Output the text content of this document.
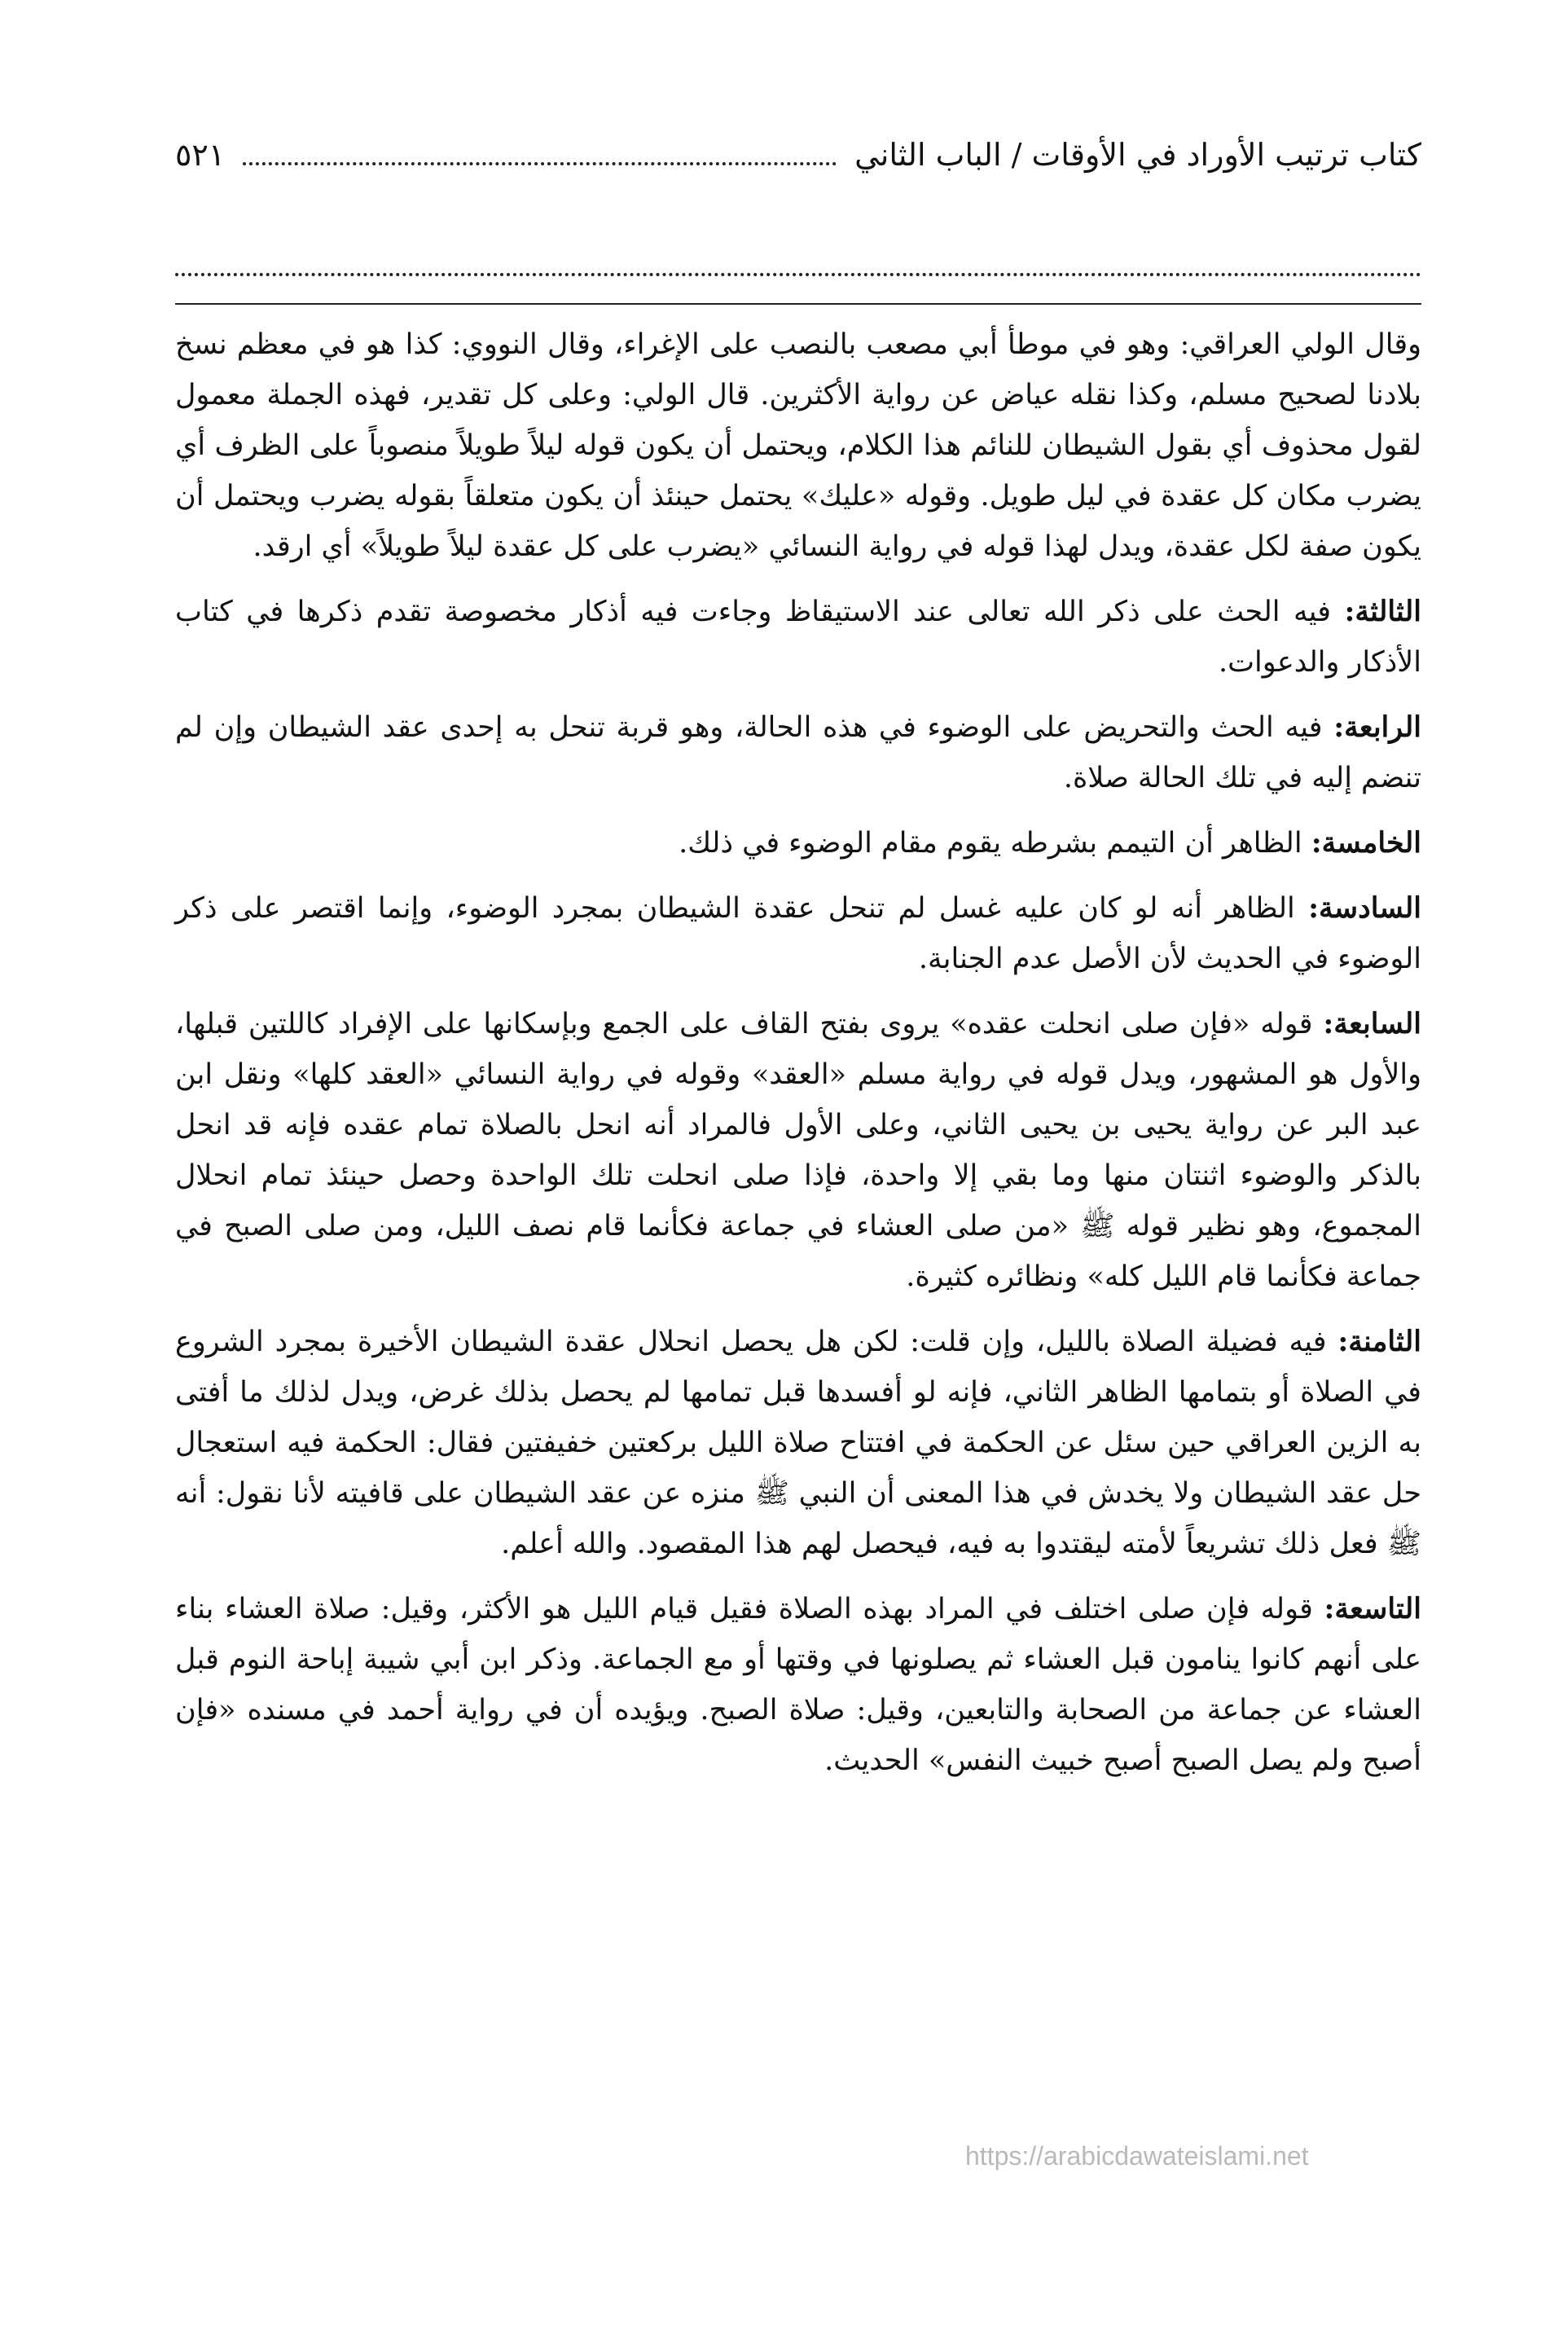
كتاب ترتيب الأوراد في الأوقات / الباب الثاني
٥٢١

وقال الولي العراقي: وهو في موطأ أبي مصعب بالنصب على الإغراء، وقال النووي: كذا هو في معظم نسخ بلادنا لصحيح مسلم، وكذا نقله عياض عن رواية الأكثرين. قال الولي: وعلى كل تقدير، فهذه الجملة معمول لقول محذوف أي بقول الشيطان للنائم هذا الكلام، ويحتمل أن يكون قوله ليلاً طويلاً منصوباً على الظرف أي يضرب مكان كل عقدة في ليل طويل. وقوله «عليك» يحتمل حينئذ أن يكون متعلقاً بقوله يضرب ويحتمل أن يكون صفة لكل عقدة، ويدل لهذا قوله في رواية النسائي «يضرب على كل عقدة ليلاً طويلاً» أي ارقد.

الثالثة: فيه الحث على ذكر الله تعالى عند الاستيقاظ وجاءت فيه أذكار مخصوصة تقدم ذكرها في كتاب الأذكار والدعوات.

الرابعة: فيه الحث والتحريض على الوضوء في هذه الحالة، وهو قربة تنحل به إحدى عقد الشيطان وإن لم تنضم إليه في تلك الحالة صلاة.

الخامسة: الظاهر أن التيمم بشرطه يقوم مقام الوضوء في ذلك.

السادسة: الظاهر أنه لو كان عليه غسل لم تنحل عقدة الشيطان بمجرد الوضوء، وإنما اقتصر على ذكر الوضوء في الحديث لأن الأصل عدم الجنابة.

السابعة: قوله «فإن صلى انحلت عقده» يروى بفتح القاف على الجمع وبإسكانها على الإفراد كاللتين قبلها، والأول هو المشهور، ويدل قوله في رواية مسلم «العقد» وقوله في رواية النسائي «العقد كلها» ونقل ابن عبد البر عن رواية يحيى بن يحيى الثاني، وعلى الأول فالمراد أنه انحل بالصلاة تمام عقده فإنه قد انحل بالذكر والوضوء اثنتان منها وما بقي إلا واحدة، فإذا صلى انحلت تلك الواحدة وحصل حينئذ تمام انحلال المجموع، وهو نظير قوله ﷺ «من صلى العشاء في جماعة فكأنما قام نصف الليل، ومن صلى الصبح في جماعة فكأنما قام الليل كله» ونظائره كثيرة.

الثامنة: فيه فضيلة الصلاة بالليل، وإن قلت: لكن هل يحصل انحلال عقدة الشيطان الأخيرة بمجرد الشروع في الصلاة أو بتمامها الظاهر الثاني، فإنه لو أفسدها قبل تمامها لم يحصل بذلك غرض، ويدل لذلك ما أفتى به الزين العراقي حين سئل عن الحكمة في افتتاح صلاة الليل بركعتين خفيفتين فقال: الحكمة فيه استعجال حل عقد الشيطان ولا يخدش في هذا المعنى أن النبي ﷺ منزه عن عقد الشيطان على قافيته لأنا نقول: أنه ﷺ فعل ذلك تشريعاً لأمته ليقتدوا به فيه، فيحصل لهم هذا المقصود. والله أعلم.

التاسعة: قوله فإن صلى اختلف في المراد بهذه الصلاة فقيل قيام الليل هو الأكثر، وقيل: صلاة العشاء بناء على أنهم كانوا ينامون قبل العشاء ثم يصلونها في وقتها أو مع الجماعة. وذكر ابن أبي شيبة إباحة النوم قبل العشاء عن جماعة من الصحابة والتابعين، وقيل: صلاة الصبح. ويؤيده أن في رواية أحمد في مسنده «فإن أصبح ولم يصل الصبح أصبح خبيث النفس» الحديث.

https://arabicdawateislami.net
